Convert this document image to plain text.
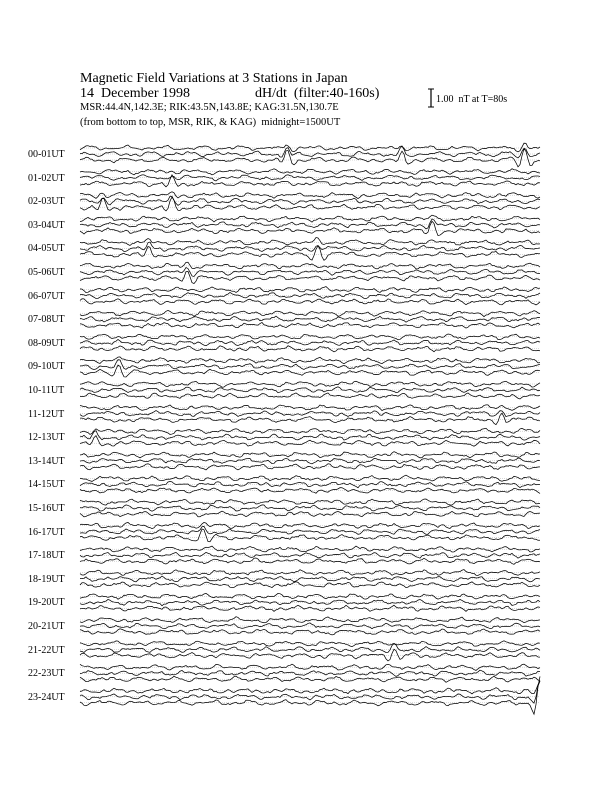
Magnetic Field Variations at 3 Stations in Japan
14  December 1998	dH/dt  (filter:40-160s)
MSR:44.4N,142.3E; RIK:43.5N,143.8E; KAG:31.5N,130.7E
(from bottom to top, MSR, RIK, & KAG)  midnight=1500UT
1.00  nT at T=80s
00-01UT
01-02UT
02-03UT
03-04UT
04-05UT
05-06UT
06-07UT
07-08UT
08-09UT
09-10UT
10-11UT
11-12UT
12-13UT
13-14UT
14-15UT
15-16UT
16-17UT
17-18UT
18-19UT
19-20UT
20-21UT
21-22UT
22-23UT
23-24UT
